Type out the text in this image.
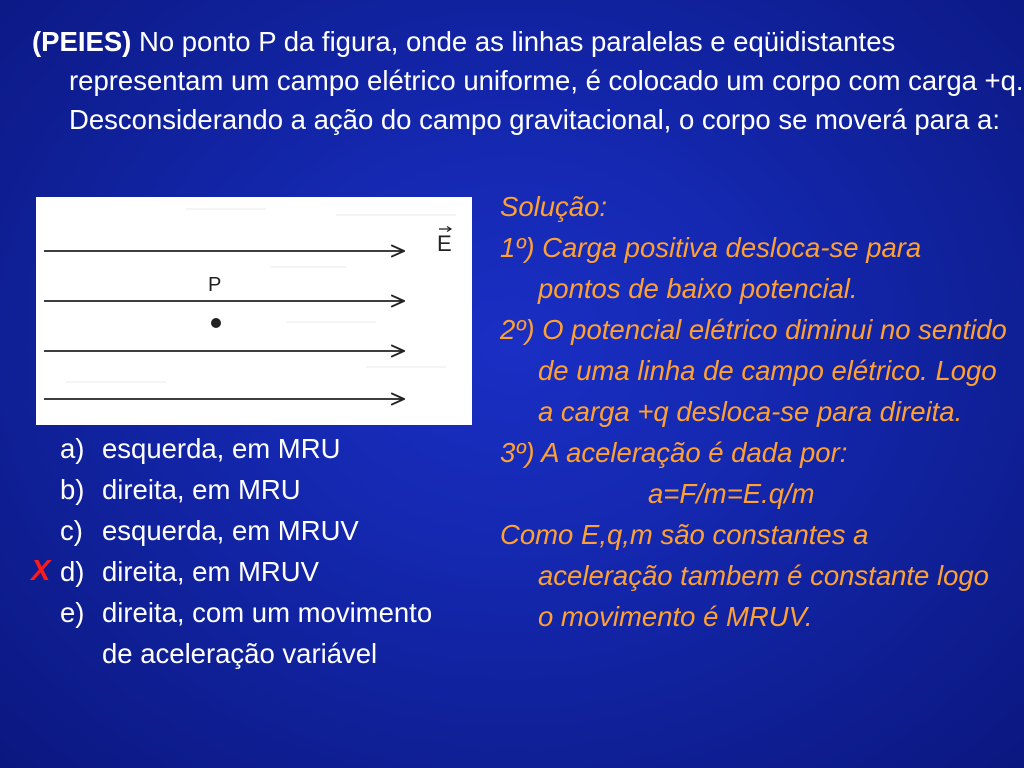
(PEIES) No ponto P da figura, onde as linhas paralelas e eqüidistantes representam um campo elétrico uniforme, é colocado um corpo com carga +q. Desconsiderando a ação do campo gravitacional, o corpo se moverá para a:
E
P
a) esquerda, em MRU
b) direita, em MRU
c) esquerda, em MRUV
X d) direita, em MRUV
e) direita, com um movimento de aceleração variável
Solução:
1º) Carga positiva desloca-se para pontos de baixo potencial.
2º) O potencial elétrico diminui no sentido de uma linha de campo elétrico. Logo a carga +q desloca-se para direita.
3º) A aceleração é dada por:
a=F/m=E.q/m
Como E,q,m são constantes a aceleração tambem é constante logo o movimento é MRUV.
